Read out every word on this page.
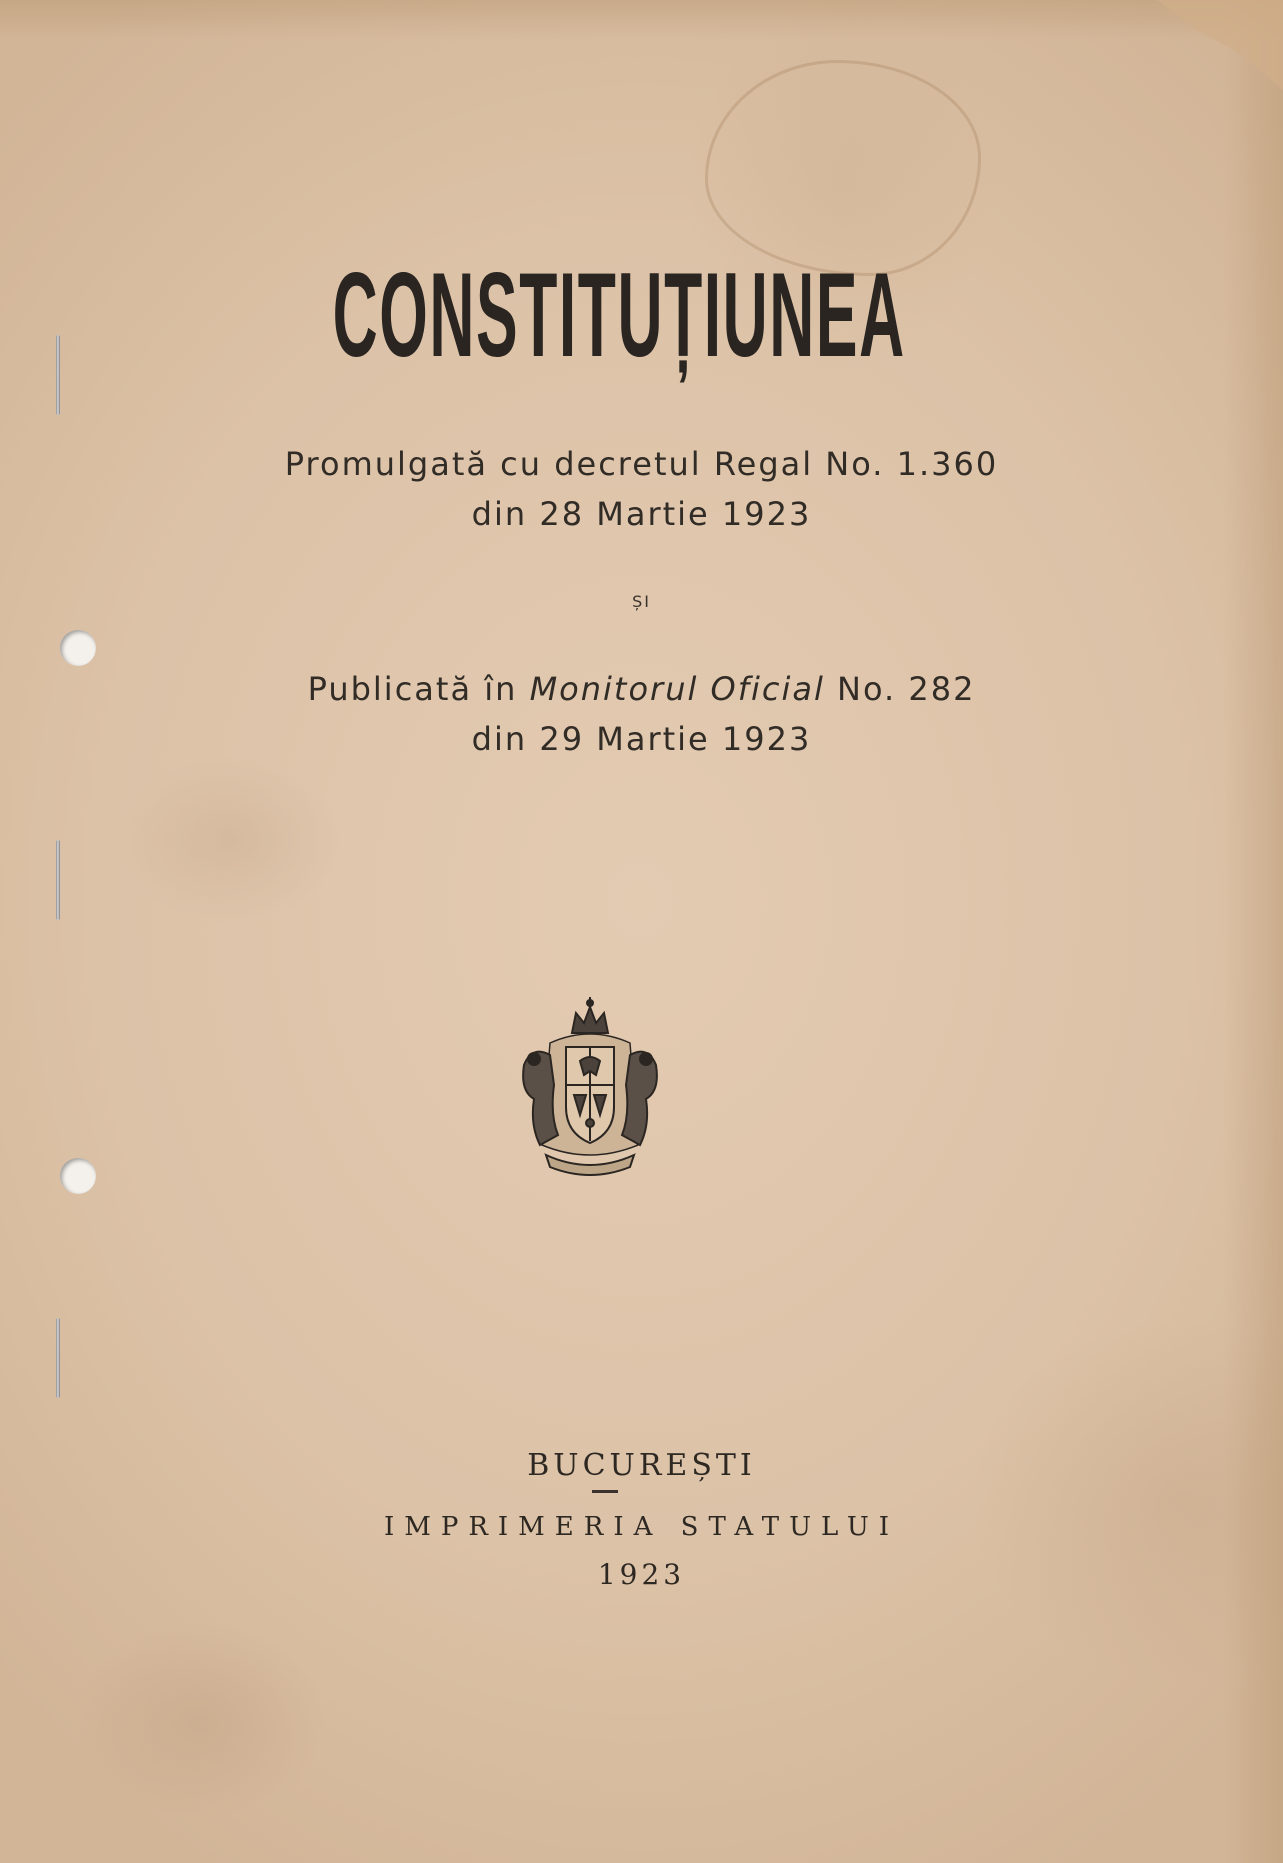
CONSTITUȚIUNEA
Promulgată cu decretul Regal No. 1.360
din 28 Martie 1923
ȘI
Publicată în Monitorul Oficial No. 282
din 29 Martie 1923
BUCUREȘTI
IMPRIMERIA STATULUI
1923
